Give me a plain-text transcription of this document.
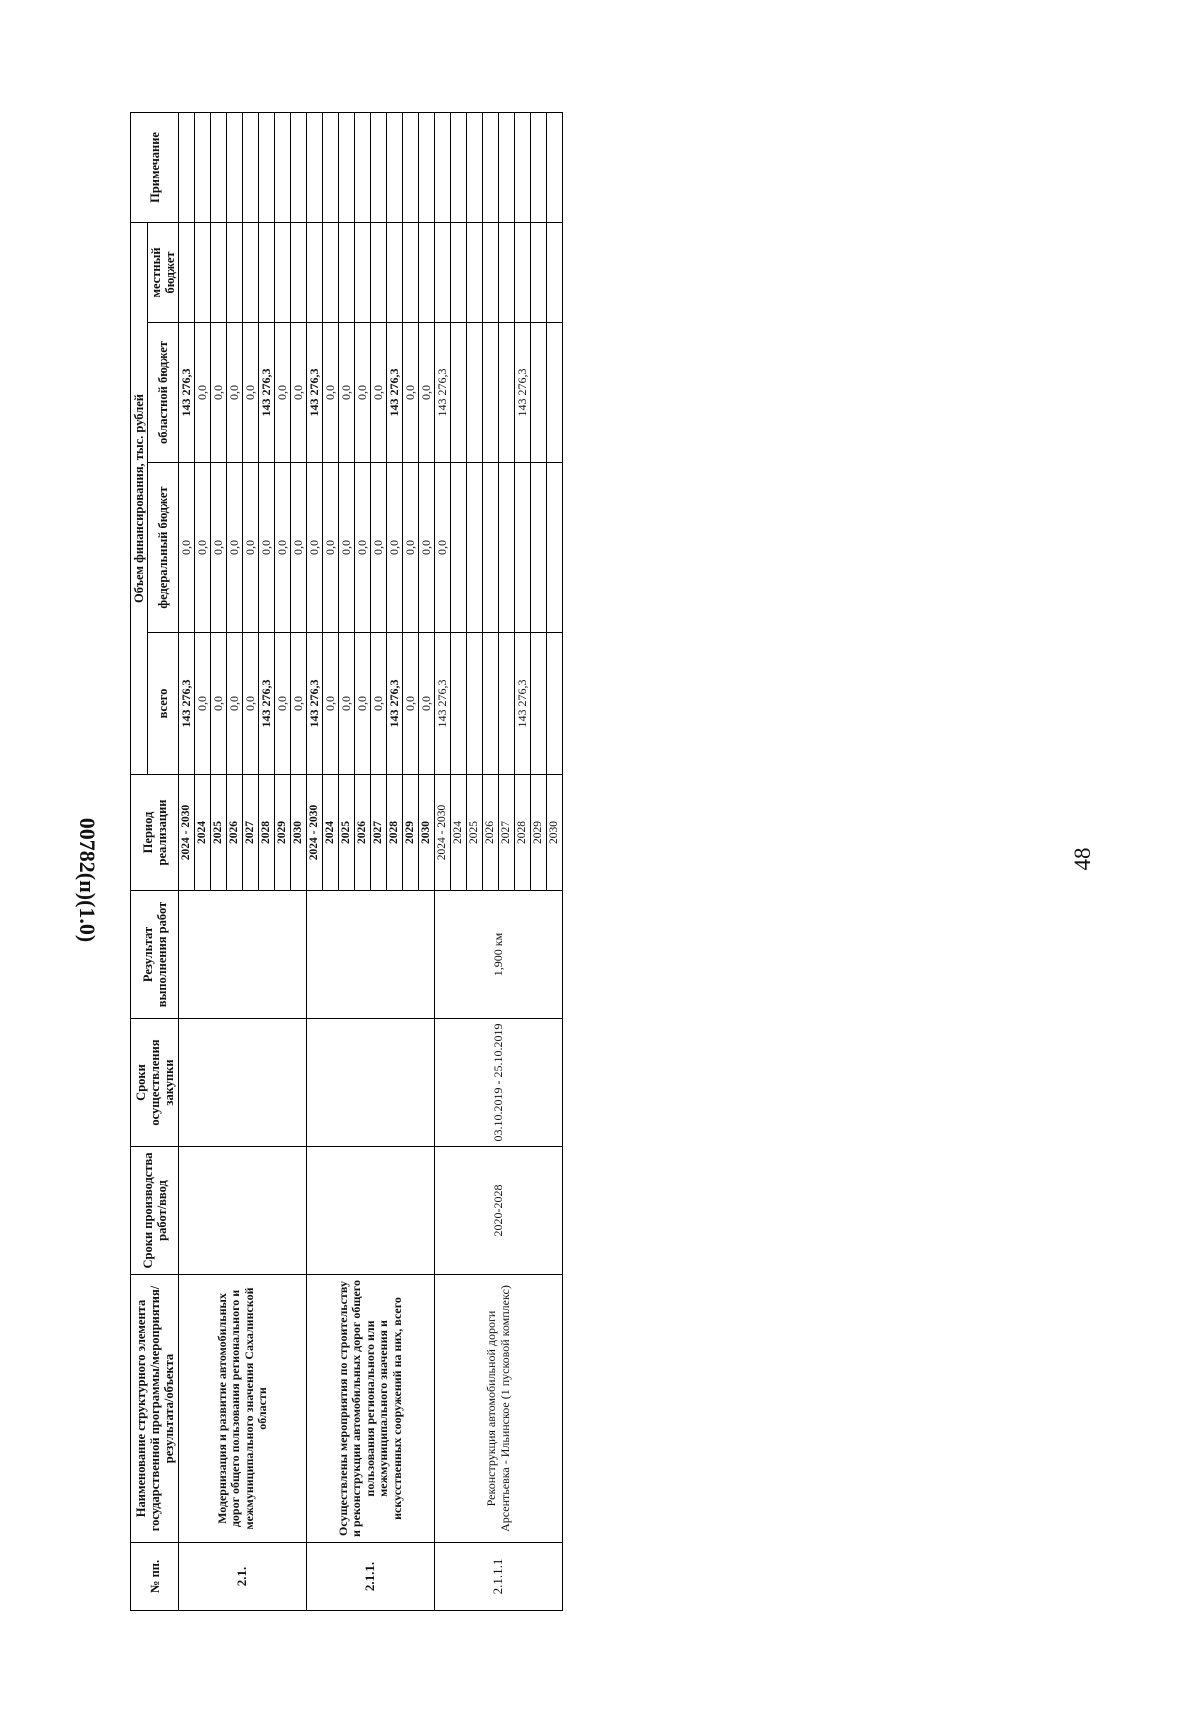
48
№ пп.	Наименование структурного элемента государственной программы/мероприятия/ результата/объекта	Сроки производства работ/ввод	Сроки осуществления закупки	Результат выполнения работ	Период реализации	Объем финансирования, тыс. рублей				Примечание
						всего	федеральный бюджет	областной бюджет	местный бюджет	
2.1.	Модернизация и развитие автомобильных дорог общего пользования регионального и межмуниципального значения Сахалинской области				2024 - 2030	143 276,3	0,0	143 276,3		
					2024	0,0	0,0	0,0		
					2025	0,0	0,0	0,0		
					2026	0,0	0,0	0,0		
					2027	0,0	0,0	0,0		
					2028	143 276,3	0,0	143 276,3		
					2029	0,0	0,0	0,0		
					2030	0,0	0,0	0,0		
2.1.1.	Осуществлены мероприятия по строительству и реконструкции автомобильных дорог общего пользования регионального или межмуниципального значения и искусственных сооружений на них, всего				2024 - 2030	143 276,3	0,0	143 276,3		
					2024	0,0	0,0	0,0		
					2025	0,0	0,0	0,0		
					2026	0,0	0,0	0,0		
					2027	0,0	0,0	0,0		
					2028	143 276,3	0,0	143 276,3		
					2029	0,0	0,0	0,0		
					2030	0,0	0,0	0,0		
2.1.1.1	Реконструкция автомобильной дороги Арсентьевка - Ильинское (1 пусковой комплекс)	2020-2028	03.10.2019 - 25.10.2019	1,900 км	2024 - 2030	143 276,3	0,0	143 276,3		
					2024					
					2025					
					2026					
					2027					
					2028	143 276,3		143 276,3		
					2029					
					2030					
00782(п)(1.0)
